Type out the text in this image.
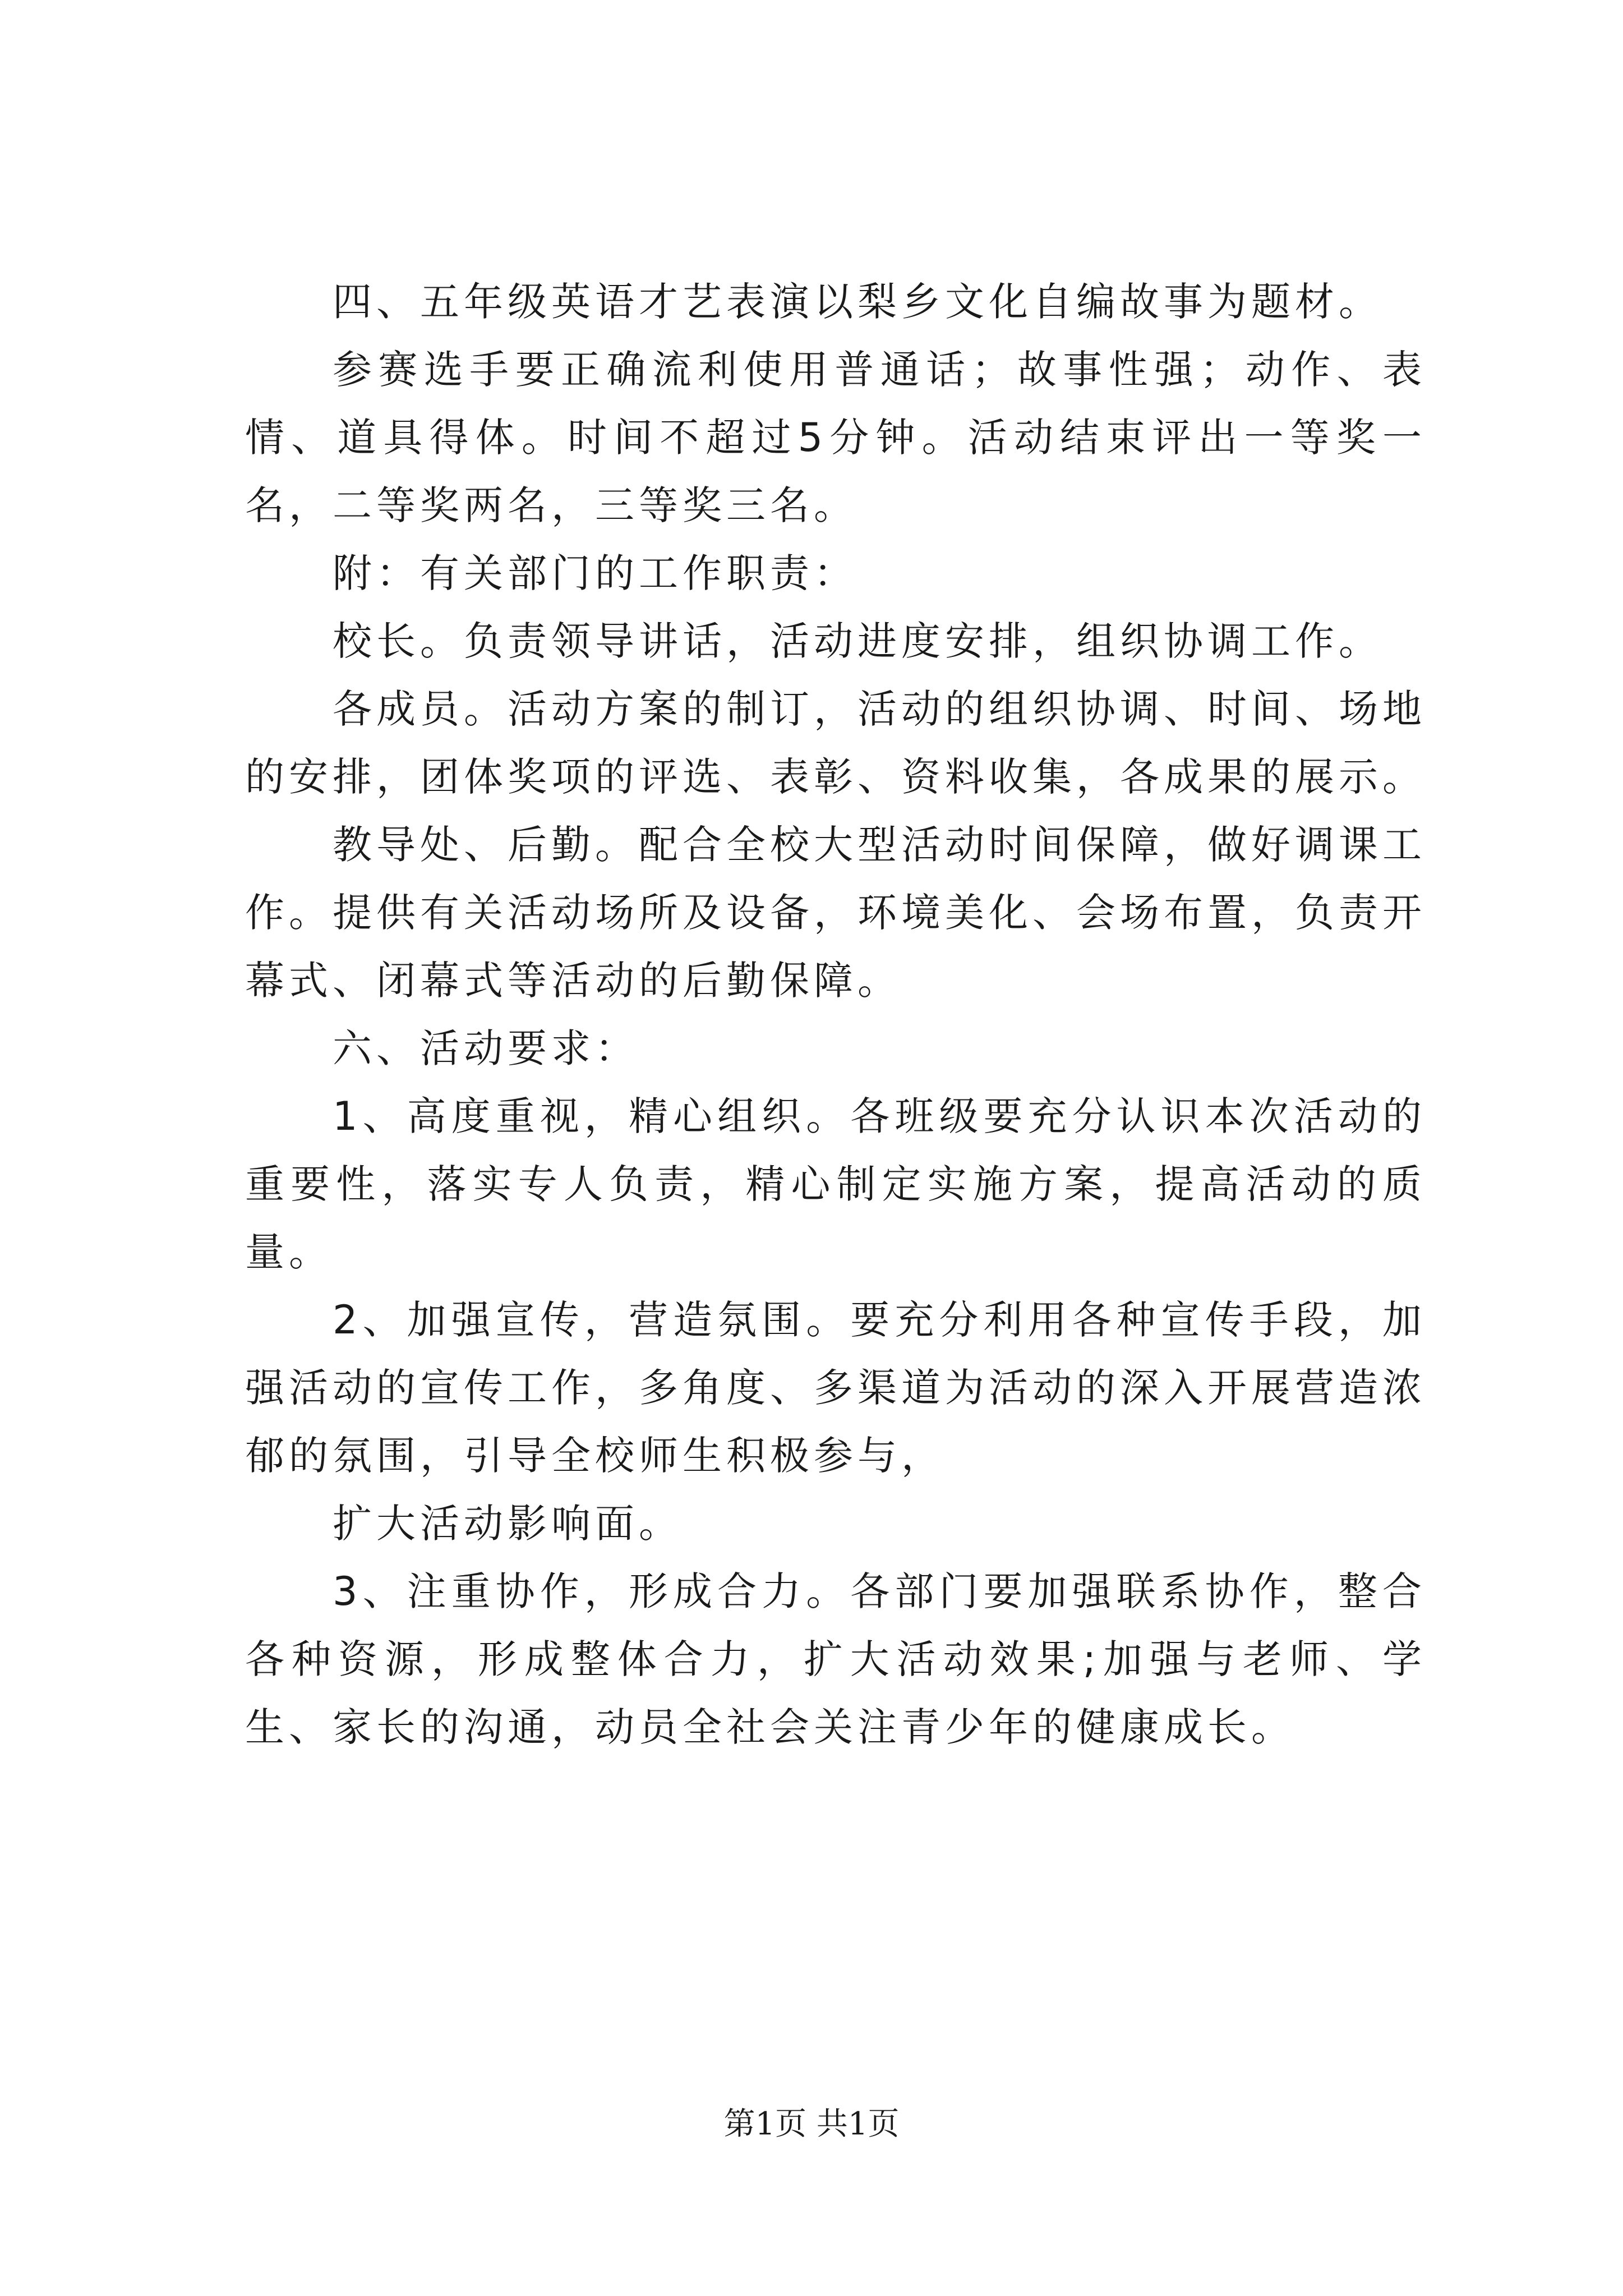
四、五年级英语才艺表演以梨乡文化自编故事为题材。

参赛选手要正确流利使用普通话；故事性强；动作、表情、道具得体。时间不超过5分钟。活动结束评出一等奖一名，二等奖两名，三等奖三名。

附：有关部门的工作职责：

校长。负责领导讲话，活动进度安排，组织协调工作。

各成员。活动方案的制订，活动的组织协调、时间、场地的安排，团体奖项的评选、表彰、资料收集，各成果的展示。

教导处、后勤。配合全校大型活动时间保障，做好调课工作。提供有关活动场所及设备，环境美化、会场布置，负责开幕式、闭幕式等活动的后勤保障。

六、活动要求：

1、高度重视，精心组织。各班级要充分认识本次活动的重要性，落实专人负责，精心制定实施方案，提高活动的质量。

2、加强宣传，营造氛围。要充分利用各种宣传手段，加强活动的宣传工作，多角度、多渠道为活动的深入开展营造浓郁的氛围，引导全校师生积极参与，

扩大活动影响面。

3、注重协作，形成合力。各部门要加强联系协作，整合各种资源，形成整体合力，扩大活动效果;加强与老师、学生、家长的沟通，动员全社会关注青少年的健康成长。

第1页 共1页
